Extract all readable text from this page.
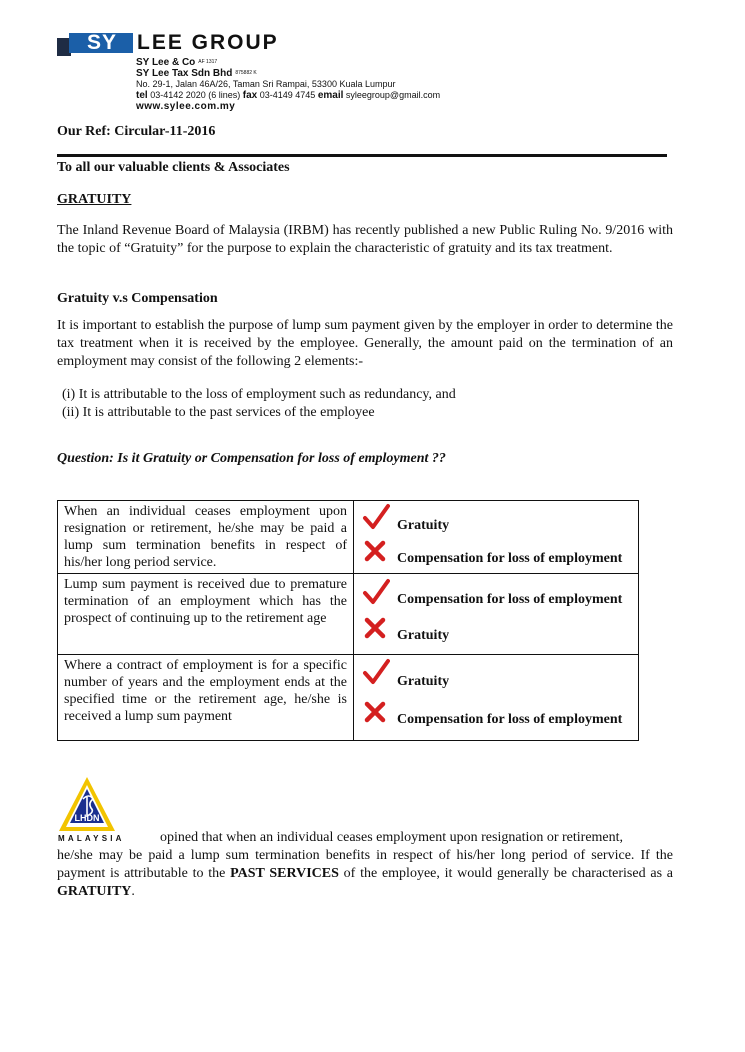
SY LEE GROUP
SY Lee & Co $^{AF 1317}$
SY Lee Tax Sdn Bhd $^{875882 K}$
No. 29-1, Jalan 46A/26, Taman Sri Rampai, 53300 Kuala Lumpur
tel 03-4142 2020 (6 lines) fax 03-4149 4745 email syleegroup@gmail.com
www.sylee.com.my
Our Ref: Circular-11-2016
To all our valuable clients & Associates
GRATUITY
The Inland Revenue Board of Malaysia (IRBM) has recently published a new Public Ruling No. 9/2016 with the topic of “Gratuity” for the purpose to explain the characteristic of gratuity and its tax treatment.
Gratuity v.s Compensation
It is important to establish the purpose of lump sum payment given by the employer in order to determine the tax treatment when it is received by the employee. Generally, the amount paid on the termination of an employment may consist of the following 2 elements:-
(i) It is attributable to the loss of employment such as redundancy, and
(ii) It is attributable to the past services of the employee
Question: Is it Gratuity or Compensation for loss of employment ??
When an individual ceases employment upon resignation or retirement, he/she may be paid a lump sum termination benefits in respect of his/her long period service.	Gratuity
Compensation for loss of employment

Lump sum payment is received due to premature termination of an employment which has the prospect of continuing up to the retirement age	Compensation for loss of employment
Gratuity

Where a contract of employment is for a specific number of years and the employment ends at the specified time or the retirement age, he/she is received a lump sum payment	Gratuity
Compensation for loss of employment
LHDN
MALAYSIA	opined that when an individual ceases employment upon resignation or retirement,
he/she may be paid a lump sum termination benefits in respect of his/her long period of service. If the payment is attributable to the PAST SERVICES of the employee, it would generally be characterised as a GRATUITY.
